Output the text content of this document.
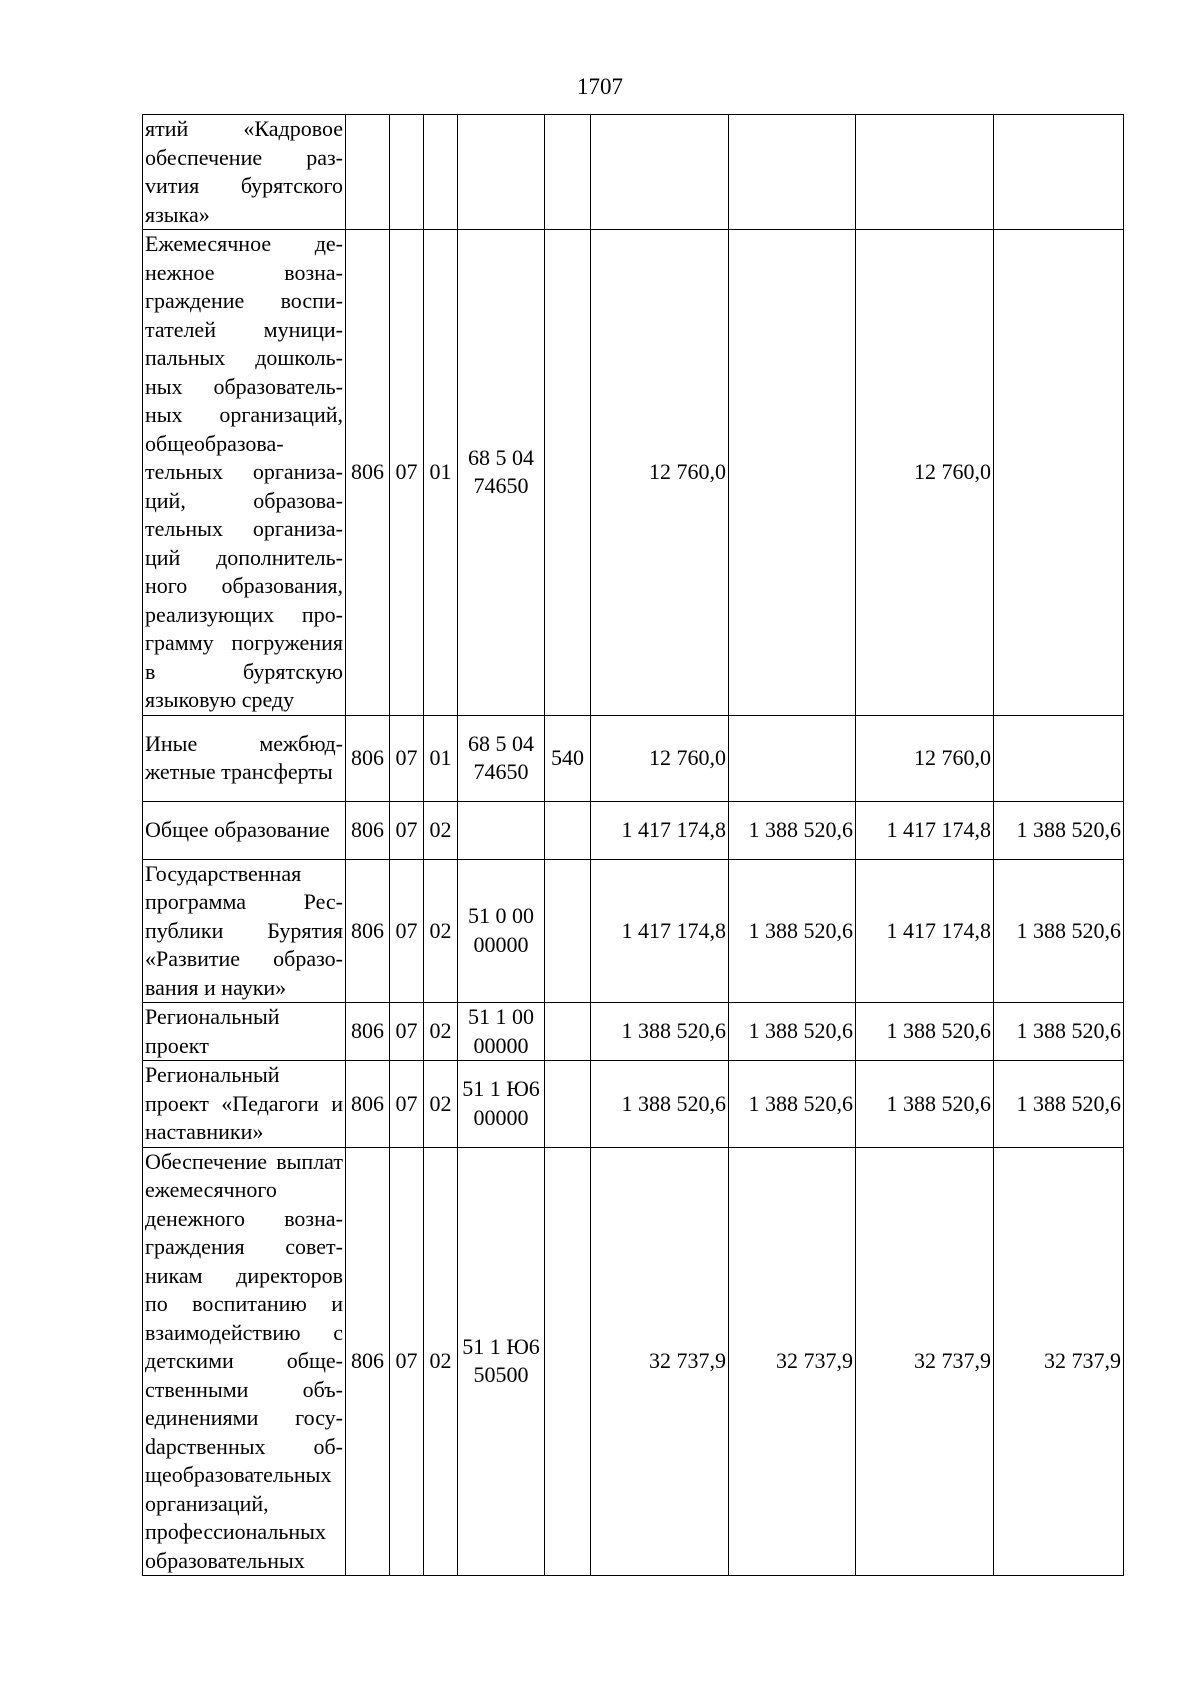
1707
ятий «Кадровое обеспечение разvития бурятского языка»									
Ежемесячное денежное вознаграждение воспитателей муниципальных дошкольных образовательных организаций, общеобразовательных организаций, образовательных организаций дополнительного образования, реализующих программу погружения в бурятскую языковую среду	806	07	01	68 5 04 74650		12 760,0		12 760,0	
Иные межбюджетные трансферты	806	07	01	68 5 04 74650	540	12 760,0		12 760,0	
Общее образование	806	07	02			1 417 174,8	1 388 520,6	1 417 174,8	1 388 520,6
Государственная программа Республики Бурятия «Развитие образования и науки»	806	07	02	51 0 00 00000		1 417 174,8	1 388 520,6	1 417 174,8	1 388 520,6
Региональный проект	806	07	02	51 1 00 00000		1 388 520,6	1 388 520,6	1 388 520,6	1 388 520,6
Региональный проект «Педагоги и наставники»	806	07	02	51 1 Ю6 00000		1 388 520,6	1 388 520,6	1 388 520,6	1 388 520,6
Обеспечение выплат ежемесячного денежного вознаграждения советникам директоров по воспитанию и взаимодействию с детскими общественными объединениями госуdарственных общеобразовательных организаций, профессиональных образовательных	806	07	02	51 1 Ю6 50500		32 737,9	32 737,9	32 737,9	32 737,9
